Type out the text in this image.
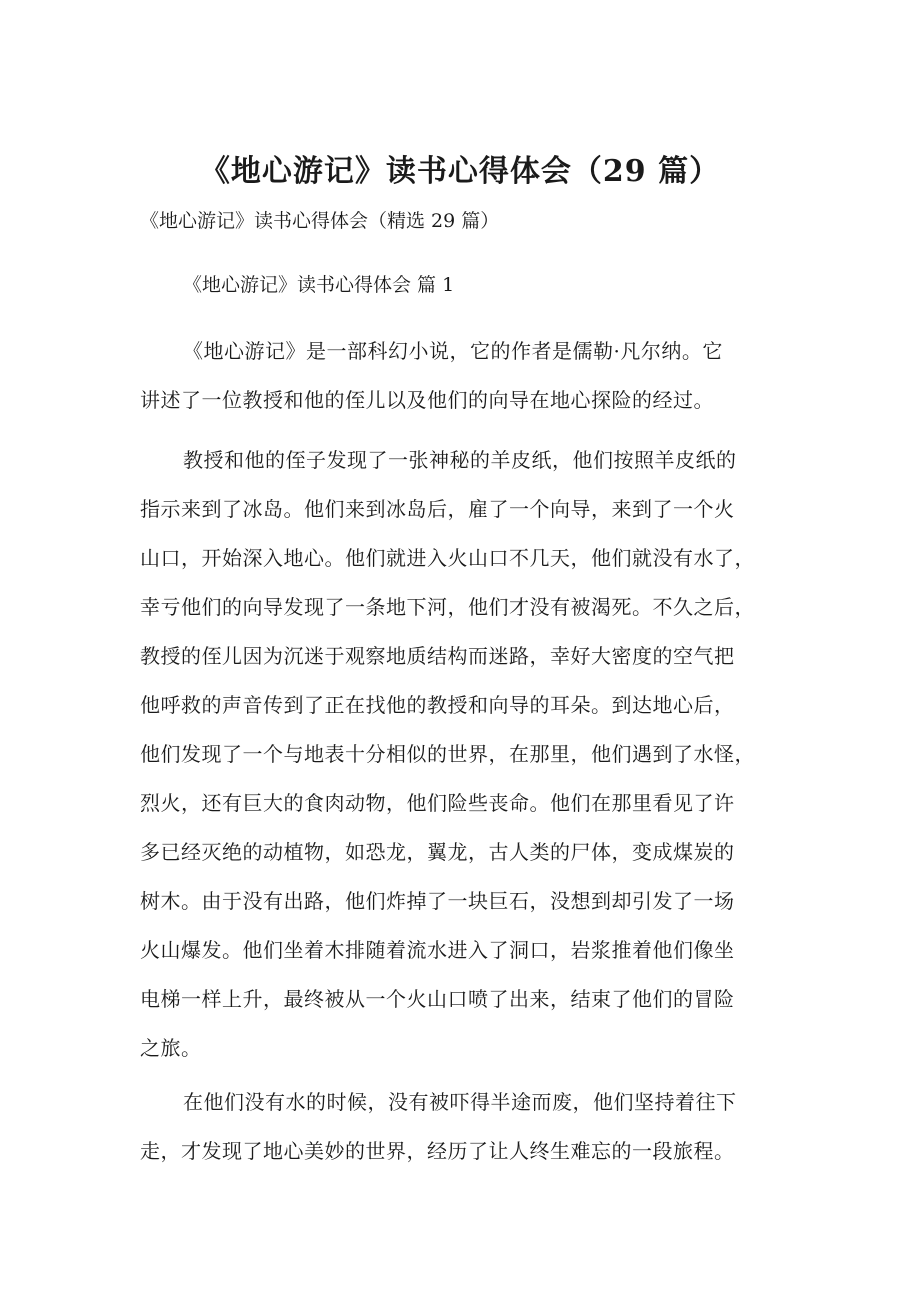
《地心游记》读书心得体会（29 篇）
《地心游记》读书心得体会（精选 29 篇）
《地心游记》读书心得体会 篇 1
《地心游记》是一部科幻小说，它的作者是儒勒·凡尔纳。它
讲述了一位教授和他的侄儿以及他们的向导在地心探险的经过。
教授和他的侄子发现了一张神秘的羊皮纸，他们按照羊皮纸的
指示来到了冰岛。他们来到冰岛后，雇了一个向导，来到了一个火
山口，开始深入地心。他们就进入火山口不几天，他们就没有水了，
幸亏他们的向导发现了一条地下河，他们才没有被渴死。不久之后，
教授的侄儿因为沉迷于观察地质结构而迷路，幸好大密度的空气把
他呼救的声音传到了正在找他的教授和向导的耳朵。到达地心后，
他们发现了一个与地表十分相似的世界，在那里，他们遇到了水怪，
烈火，还有巨大的食肉动物，他们险些丧命。他们在那里看见了许
多已经灭绝的动植物，如恐龙，翼龙，古人类的尸体，变成煤炭的
树木。由于没有出路，他们炸掉了一块巨石，没想到却引发了一场
火山爆发。他们坐着木排随着流水进入了洞口，岩浆推着他们像坐
电梯一样上升，最终被从一个火山口喷了出来，结束了他们的冒险
之旅。
在他们没有水的时候，没有被吓得半途而废，他们坚持着往下
走，才发现了地心美妙的世界，经历了让人终生难忘的一段旅程。
